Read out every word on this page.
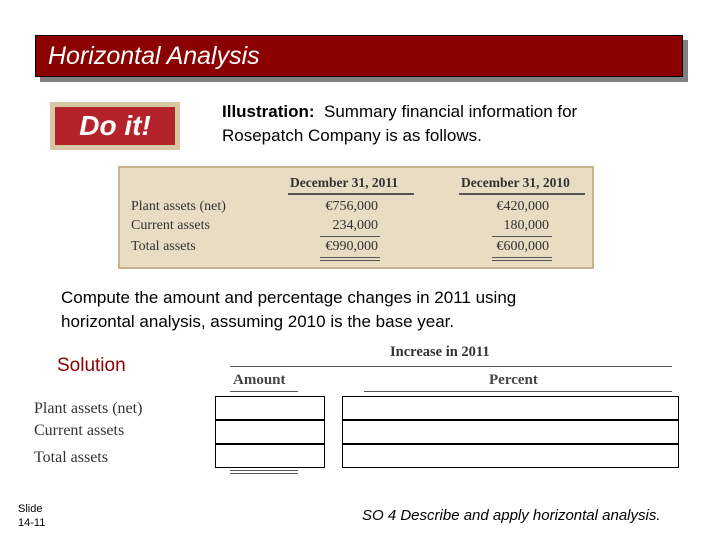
Horizontal Analysis
Do it!	Illustration: Summary financial information for
Rosepatch Company is as follows.
December 31, 2011	December 31, 2010
Plant assets (net)	€756,000	€420,000
Current assets	234,000	180,000
Total assets	€990,000	€600,000
Compute the amount and percentage changes in 2011 using
horizontal analysis, assuming 2010 is the base year.
Solution
Increase in 2011
Amount	Percent
Plant assets (net)
Current assets
Total assets
Slide
14-11	SO 4 Describe and apply horizontal analysis.
